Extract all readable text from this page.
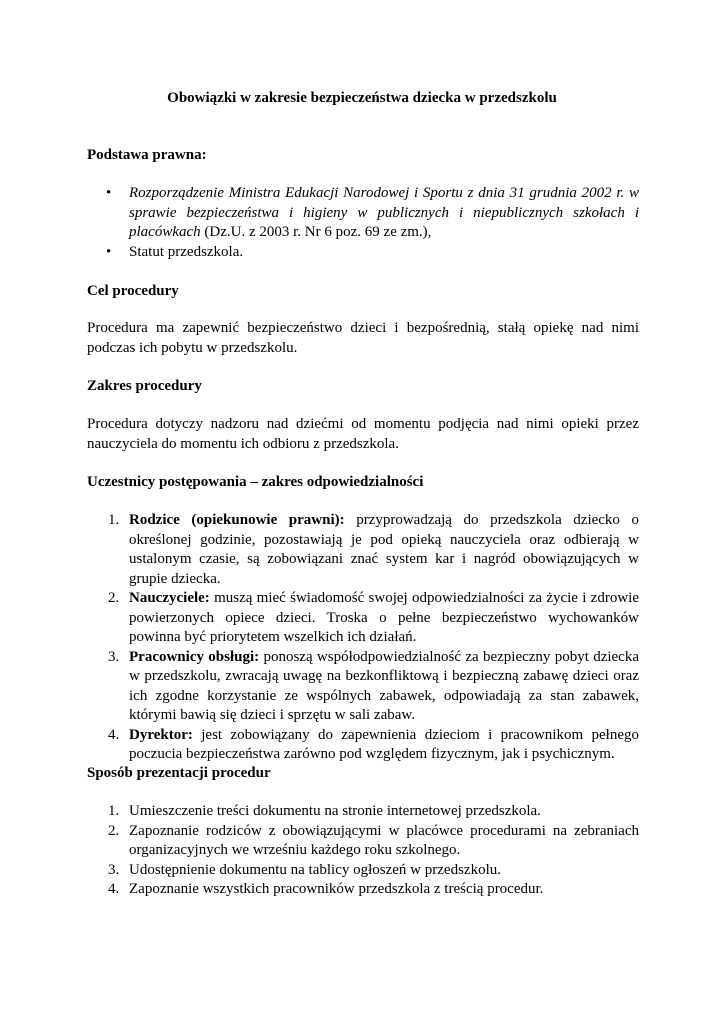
Obowiązki w zakresie bezpieczeństwa dziecka w przedszkolu
Podstawa prawna:
• Rozporządzenie Ministra Edukacji Narodowej i Sportu z dnia 31 grudnia 2002 r. w sprawie bezpieczeństwa i higieny w publicznych i niepublicznych szkołach i placówkach (Dz.U. z 2003 r. Nr 6 poz. 69 ze zm.),
• Statut przedszkola.
Cel procedury

Procedura ma zapewnić bezpieczeństwo dzieci i bezpośrednią, stałą opiekę nad nimi podczas ich pobytu w przedszkolu.

Zakres procedury

Procedura dotyczy nadzoru nad dziećmi od momentu podjęcia nad nimi opieki przez nauczyciela do momentu ich odbioru z przedszkola.

Uczestnicy postępowania – zakres odpowiedzialności
1. Rodzice (opiekunowie prawni): przyprowadzają do przedszkola dziecko o określonej godzinie, pozostawiają je pod opieką nauczyciela oraz odbierają w ustalonym czasie, są zobowiązani znać system kar i nagród obowiązujących w grupie dziecka.
2. Nauczyciele: muszą mieć świadomość swojej odpowiedzialności za życie i zdrowie powierzonych opiece dzieci. Troska o pełne bezpieczeństwo wychowanków powinna być priorytetem wszelkich ich działań.
3. Pracownicy obsługi: ponoszą współodpowiedzialność za bezpieczny pobyt dziecka w przedszkolu, zwracają uwagę na bezkonfliktową i bezpieczną zabawę dzieci oraz ich zgodne korzystanie ze wspólnych zabawek, odpowiadają za stan zabawek, którymi bawią się dzieci i sprzętu w sali zabaw.
4. Dyrektor: jest zobowiązany do zapewnienia dzieciom i pracownikom pełnego poczucia bezpieczeństwa zarówno pod względem fizycznym, jak i psychicznym.
Sposób prezentacji procedur
1. Umieszczenie treści dokumentu na stronie internetowej przedszkola.
2. Zapoznanie rodziców z obowiązującymi w placówce procedurami na zebraniach organizacyjnych we wrześniu każdego roku szkolnego.
3. Udostępnienie dokumentu na tablicy ogłoszeń w przedszkolu.
4. Zapoznanie wszystkich pracowników przedszkola z treścią procedur.
